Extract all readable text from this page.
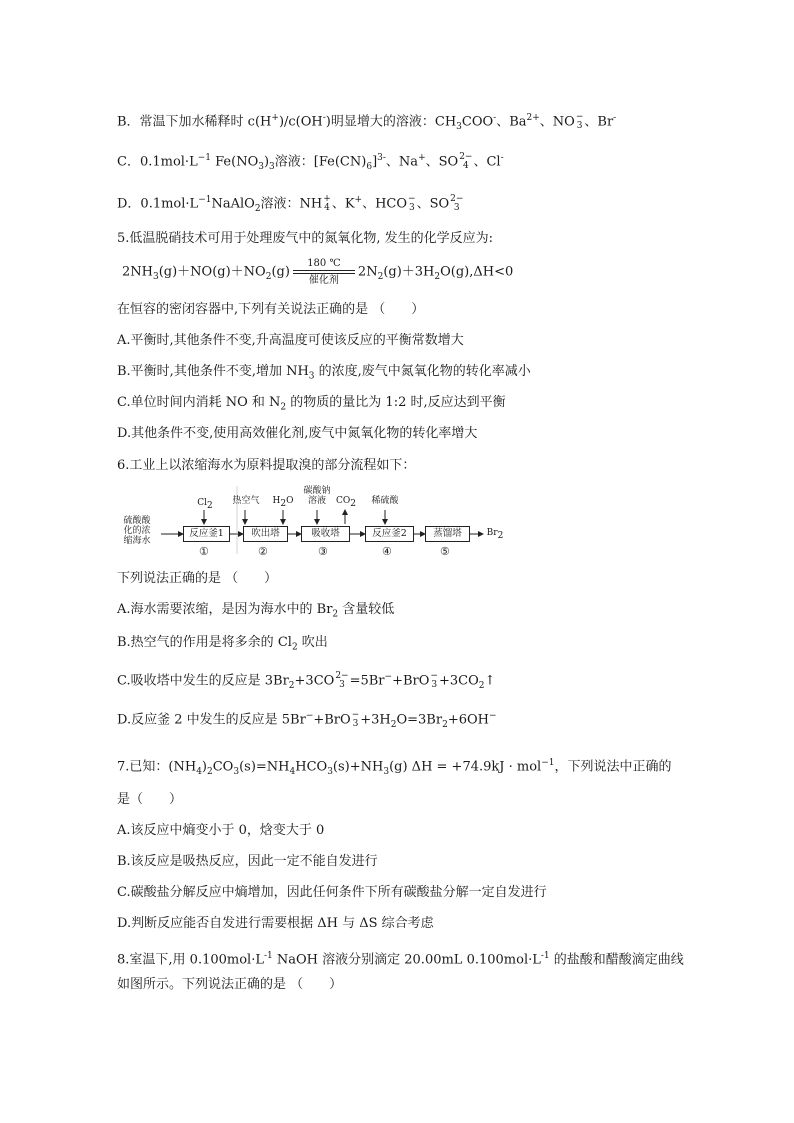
B．常温下加水稀释时 c(H+)/c(OH-)明显增大的溶液：$CH_3COO^-$、$Ba^{2+}$、NO −
3 、Br-
C．$0.1mol\cdot L^{-1}$ $Fe(NO_3)_3$溶液：$[Fe(CN)_6]^{3-}$、Na+、SO 2−
4 、Cl-
D．$0.1mol\cdot L^{-1}NaAlO_2$溶液：NH +
4 、K+、HCO −
3 、SO 2−
3
5.低温脱硝技术可用于处理废气中的氮氧化物, 发生的化学反应为:
$2NH_3(g)+NO(g)+NO_2(g)180$ ℃
催化剂$2N_2(g)+3H_2O(g),\Delta H<0$
在恒容的密闭容器中,下列有关说法正确的是 （　　）
A.平衡时,其他条件不变,升高温度可使该反应的平衡常数增大
B.平衡时,其他条件不变,增加 $NH_3$ 的浓度,废气中氮氧化物的转化率减小
C.单位时间内消耗 NO 和 $N_2$ 的物质的量比为 1:2 时,反应达到平衡
D.其他条件不变,使用高效催化剂,废气中氮氧化物的转化率增大
6.工业上以浓缩海水为原料提取溴的部分流程如下：
硫酸酸
化的浓
缩海水
Cl2	热空气	H2O
碳酸钠
溶液	CO2	稀硫酸
反应釜1	吹出塔	吸收塔	反应釜2	蒸馏塔	Br2
①	②	③	④	⑤
下列说法正确的是 （　　）
A.海水需要浓缩，是因为海水中的 $Br_2$ 含量较低
B.热空气的作用是将多余的 $Cl_2$ 吹出
C.吸收塔中发生的反应是 $3Br_2+3CO$ 2−
3 =5Br−+BrO −
$3 +3CO_2↑$
D.反应釜 2 中发生的反应是 5Br−+BrO −
$3 +3H_2O=3Br_2+6OH^-$
7.已知：$(NH_4)_2CO_3(s)=NH_4HCO_3(s)+NH_3(g) \Delta H = +74.9kJ \cdot mol^{-1}$，下列说法中正确的
是（　　）
A.该反应中熵变小于 0，焓变大于 0
B.该反应是吸热反应，因此一定不能自发进行
C.碳酸盐分解反应中熵增加，因此任何条件下所有碳酸盐分解一定自发进行
D.判断反应能否自发进行需要根据 ΔH 与 ΔS 综合考虑
8.室温下,用 $0.100mol\cdot L^{-1}$ NaOH 溶液分别滴定 20.00mL $0.100mol\cdot L^{-1}$ 的盐酸和醋酸滴定曲线
如图所示。下列说法正确的是 （　　）
